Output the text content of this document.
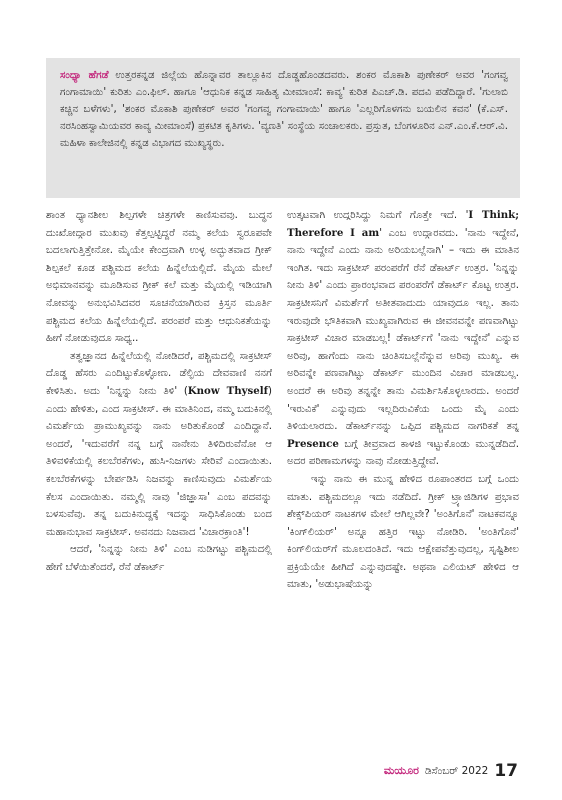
ಸಂಧ್ಯಾ ಹೆಗಡೆ ಉತ್ತರಕನ್ನಡ ಜಿಲ್ಲೆಯ ಹೊನ್ನಾವರ ತಾಲ್ಲೂಕಿನ ದೊಡ್ಡಹೊಂಡದವರು. ಶಂಕರ ಮೊಕಾಶಿ ಪುಣೇಕರ್ ಅವರ 'ಗಂಗವ್ವ ಗಂಗಾಮಾಯಿ' ಕುರಿತು ಎಂ.ಫಿಲ್. ಹಾಗೂ 'ಆಧುನಿಕ ಕನ್ನಡ ಸಾಹಿತ್ಯ ಮೀಮಾಂಸೆ: ಕಾವ್ಯ' ಕುರಿತ ಪಿಎಚ್.ಡಿ. ಪದವಿ ಪಡೆದಿದ್ದಾರೆ. 'ಗುಲಾಬಿ ಕಚ್ಚಿನ ಬಳೆಗಳು', 'ಶಂಕರ ಮೊಕಾಶಿ ಪುಣೇಕರ್ ಅವರ 'ಗಂಗವ್ವ ಗಂಗಾಮಾಯಿ' ಹಾಗೂ 'ಎಲ್ಲರಿಗೊಳಗನು ಬಯಲಿನ ಕವನ' (ಕೆ.ಎಸ್. ನರಸಿಂಹಸ್ವಾಮಿಯವರ ಕಾವ್ಯ ಮೀಮಾಂಸೆ) ಪ್ರಕಟಿತ ಕೃತಿಗಳು. 'ವ್ಯಣತಿ' ಸಂಸ್ಥೆಯ ಸಂಚಾಲಕರು. ಪ್ರಸ್ತುತ, ಬೆಂಗಳೂರಿನ ಎನ್.ಎಂ.ಕೆ.ಆರ್.ವಿ. ಮಹಿಳಾ ಕಾಲೇಜಿನಲ್ಲಿ ಕನ್ನಡ ವಿಭಾಗದ ಮುಖ್ಯಸ್ಥರು.

ಶಾಂತ ಧ್ಯಾನಶೀಲ ಶಿಲ್ಪಗಳೇ ಚಿತ್ರಗಳೇ ಕಾಣಿಸುವವು. ಬುದ್ಧನ ದುಃಖೋದ್ಗಾರ ಮುಖವು ಕೆತ್ತಲ್ಪಟ್ಟಿದ್ದರೆ ನಮ್ಮ ಕಲೆಯ ಸ್ವರೂಪವೇ ಬದಲಾಗುತ್ತಿತ್ತೇನೋ. ಮೈಯೇ ಕೇಂದ್ರವಾಗಿ ಉಳ್ಳ ಅದ್ಭುತವಾದ ಗ್ರೀಕ್ ಶಿಲ್ಪಕಲೆ ಕೂಡ ಪಶ್ಚಿಮದ ಕಲೆಯ ಹಿನ್ನೆಲೆಯಲ್ಲಿದೆ. ಮೈಯ ಮೇಲೆ ಅಭಿಮಾನವನ್ನು ಮೂಡಿಸುವ ಗ್ರೀಕ್ ಕಲೆ ಮತ್ತು ಮೈಯಲ್ಲಿ ಇಡಿಯಾಗಿ ನೋವನ್ನು ಅನುಭವಿಸಿದವರ ಸೂಚನೆಯಾಗಿರುವ ಕ್ರಿಸ್ತನ ಮೂರ್ತಿ ಪಶ್ಚಿಮದ ಕಲೆಯ ಹಿನ್ನೆಲೆಯಲ್ಲಿದೆ. ಪರಂಪರೆ ಮತ್ತು ಆಧುನಿಕತೆಯನ್ನು ಹೀಗೆ ನೋಡುವುದೂ ಸಾಧ್ಯ..

ತತ್ವಜ್ಞಾನದ ಹಿನ್ನೆಲೆಯಲ್ಲಿ ನೋಡಿದರೆ, ಪಶ್ಚಿಮದಲ್ಲಿ ಸಾಕ್ರಟೀಸ್ ದೊಡ್ಡ ಹೆಸರು ಎಂದಿಟ್ಟುಕೊಳ್ಳೋಣ. ಡೆಲ್ಫಿಯ ದೇವವಾಣಿ ನನಗೆ ಕೇಳಿಸಿತು. ಅದು 'ನಿನ್ನನ್ನು ನೀನು ತಿಳಿ' (Know Thyself) ಎಂದು ಹೇಳಿತು, ಎಂದ ಸಾಕ್ರಟೀಸ್. ಈ ಮಾತಿನಿಂದ, ನಮ್ಮ ಬದುಕಿನಲ್ಲಿ ವಿಮರ್ಶೆಯ ಪ್ರಾಮುಖ್ಯವನ್ನು ನಾನು ಅರಿತುಕೊಂಡೆ ಎಂದಿದ್ದಾನೆ. ಅಂದರೆ, 'ಇದುವರೆಗೆ ನನ್ನ ಬಗ್ಗೆ ನಾನೇನು ತಿಳಿದಿರುವೆನೋ ಆ ತಿಳಿವಳಿಕೆಯಲ್ಲಿ ಕಲಬೆರಕೆಗಳು, ಹುಸಿ-ನಿಜಗಳು ಸೇರಿವೆ ಎಂದಾಯಿತು. ಕಲಬೆರಕೆಗಳನ್ನು ಬೇರ್ಪಡಿಸಿ ನಿಜವನ್ನು ಕಾಣಿಸುವುದು ವಿಮರ್ಶೆಯ ಕೆಲಸ ಎಂದಾಯಿತು. ನಮ್ಮಲ್ಲಿ ನಾವು 'ಜಿಜ್ಞಾಸಾ' ಎಂಬ ಪದವನ್ನು ಬಳಸುವೆವು. ತನ್ನ ಬದುಕಿನುದ್ದಕ್ಕೆ ಇದನ್ನು ಸಾಧಿಸಿಕೊಂಡು ಬಂದ ಮಹಾನುಭಾವ ಸಾಕ್ರಟೀಸ್. ಅವನದು ನಿಜವಾದ 'ವಿಚಾರಕ್ರಾಂತಿ'!

ಆದರೆ, 'ನಿನ್ನನ್ನು ನೀನು ತಿಳಿ' ಎಂಬ ನುಡಿಗಟ್ಟು ಪಶ್ಚಿಮದಲ್ಲಿ ಹೇಗೆ ಬೆಳೆಯಿತೆಂದರೆ, ರೆನೆ ಡೆಕಾರ್ಟ್

ಉತ್ಕಟವಾಗಿ ಉದ್ಗರಿಸಿದ್ದು ನಿಮಗೆ ಗೊತ್ತೇ ಇದೆ. 'I Think; Therefore I am' ಎಂಬ ಉದ್ಗಾರವದು. 'ನಾನು ಇದ್ದೇನೆ, ನಾನು ಇದ್ದೇನೆ ಎಂದು ನಾನು ಅರಿಯಬಲ್ಲೆನಾಗಿ' – ಇದು ಈ ಮಾತಿನ ಇಂಗಿತ. ಇದು ಸಾಕ್ರಟೀಸ್ ಪರಂಪರೆಗೆ ರೆನೆ ಡೆಕಾರ್ಟ್ ಉತ್ತರ. 'ನಿನ್ನನ್ನು ನೀನು ತಿಳಿ' ಎಂದು ಪ್ರಾರಂಭವಾದ ಪರಂಪರೆಗೆ ಡೆಕಾರ್ಟ್ ಕೊಟ್ಟ ಉತ್ತರ. ಸಾಕ್ರಟೀಸನಿಗೆ ವಿಮರ್ಶೆಗೆ ಅತೀತವಾದುದು ಯಾವುದೂ ಇಲ್ಲ. ತಾನು ಇರುವುದೇ ಭೌತಿಕವಾಗಿ ಮುಖ್ಯವಾಗಿರುವ ಈ ಜೀವನವನ್ನೇ ಪಣವಾಗಿಟ್ಟು ಸಾಕ್ರಟೀಸ್ ವಿಚಾರ ಮಾಡಬಲ್ಲ! ಡೆಕಾರ್ಟ್‌ಗೆ 'ನಾನು ಇದ್ದೇನೆ' ಎನ್ನುವ ಅರಿವು, ಹಾಗೆಂದು ನಾನು ಚಿಂತಿಸಬಲ್ಲೆನೆನ್ನುವ ಅರಿವು ಮುಖ್ಯ. ಈ ಅರಿವನ್ನೇ ಪಣವಾಗಿಟ್ಟು ಡೆಕಾರ್ಟ್ ಮುಂದಿನ ವಿಚಾರ ಮಾಡಬಲ್ಲ. ಅಂದರೆ ಈ ಅರಿವು ತನ್ನನ್ನೇ ತಾನು ವಿಮರ್ಶಿಸಿಕೊಳ್ಳಲಾರದು. ಅಂದರೆ 'ಇರುವಿಕೆ' ಎನ್ನುವುದು ಇಲ್ಲದಿರುವಿಕೆಯ ಒಂದು ಮೈ ಎಂದು ತಿಳಿಯಲಾರದು. ಡೆಕಾರ್ಟ್‌ನನ್ನು ಒಪ್ಪಿದ ಪಶ್ಚಿಮದ ನಾಗರಿಕತೆ ತನ್ನ Presence ಬಗ್ಗೆ ತೀವ್ರವಾದ ಕಾಳಜಿ ಇಟ್ಟುಕೊಂಡು ಮುನ್ನಡೆದಿದೆ. ಅದರ ಪರಿಣಾಮಗಳನ್ನು ನಾವು ನೋಡುತ್ತಿದ್ದೇವೆ.

ಇನ್ನು ನಾನು ಈ ಮುನ್ನ ಹೇಳಿದ ರೂಪಾಂತರದ ಬಗ್ಗೆ ಒಂದು ಮಾತು. ಪಶ್ಚಿಮದಲ್ಲೂ ಇದು ನಡೆದಿದೆ. ಗ್ರೀಕ್ ಟ್ರ್ಯಾಜಿಡಿಗಳ ಪ್ರಭಾವ ಶೇಕ್ಸ್‌ಪಿಯರ್ ನಾಟಕಗಳ ಮೇಲೆ ಆಗಿಲ್ಲವೇ? 'ಅಂತಿಗೊನೆ' ನಾಟಕವನ್ನೂ 'ಕಿಂಗ್‌ಲಿಯರ್' ಅನ್ನೂ ಹತ್ತಿರ ಇಟ್ಟು ನೋಡಿರಿ. 'ಅಂತಿಗೊನೆ' ಕಿಂಗ್‌ಲಿಯರ್‌ಗೆ ಮೂಲದಂತಿದೆ. ಇದು ಆಕ್ಷೇಪವೆತ್ತುವುದಲ್ಲ, ಸೃಷ್ಟಿಶೀಲ ಪ್ರಕ್ರಿಯೆಯೇ ಹೀಗಿದೆ ಎನ್ನುವುದಷ್ಟೇ. ಅಥವಾ ಎಲಿಯಟ್ ಹೇಳಿದ ಆ ಮಾತು, 'ಅಡುಭಾಷೆಯನ್ನು

ಮಯೂರ ಡಿಸೆಂಬರ್ 2022 17
